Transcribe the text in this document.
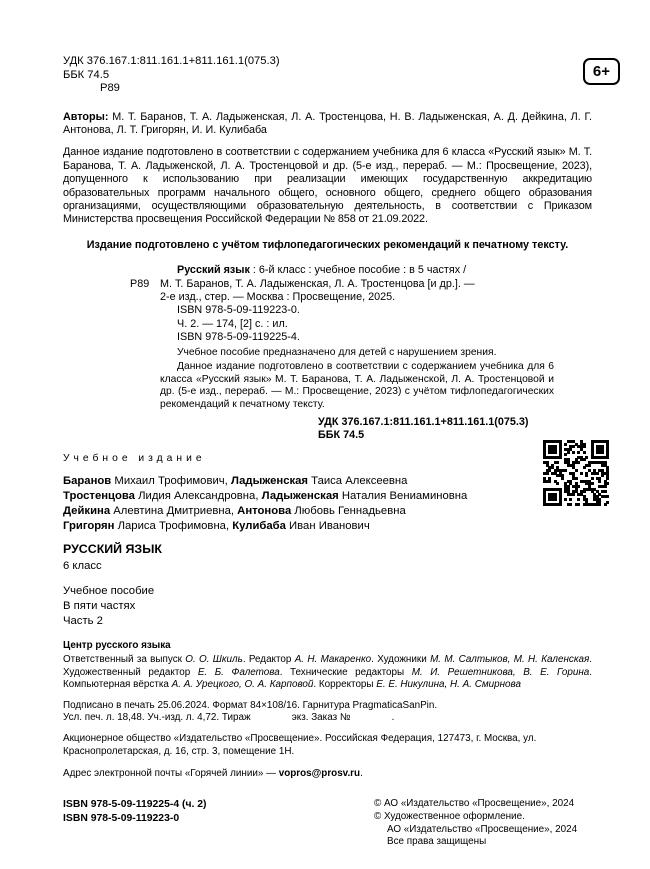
6+
УДК 376.167.1:811.161.1+811.161.1(075.3)
ББК 74.5
Р89

Авторы: М. Т. Баранов, Т. А. Ладыженская, Л. А. Тростенцова, Н. В. Ладыженская, А. Д. Дейкина, Л. Г. Антонова, Л. Т. Григорян, И. И. Кулибаба

Данное издание подготовлено в соответствии с содержанием учебника для 6 класса «Русский язык» М. Т. Баранова, Т. А. Ладыженской, Л. А. Тростенцовой и др. (5-е изд., перераб. — М.: Просвещение, 2023), допущенного к использованию при реализации имеющих государственную аккредитацию образовательных программ начального общего, основного общего, среднего общего образования организациями, осуществляющими образовательную деятельность, в соответствии с Приказом Министерства просвещения Российской Федерации № 858 от 21.09.2022.

Издание подготовлено с учётом тифлопедагогических рекомендаций к печатному тексту.

Русский язык : 6-й класс : учебное пособие : в 5 частях /
Р89 М. Т. Баранов, Т. А. Ладыженская, Л. А. Тростенцова [и др.]. —
2-е изд., стер. — Москва : Просвещение, 2025.
ISBN 978-5-09-119223-0.
Ч. 2. — 174, [2] с. : ил.
ISBN 978-5-09-119225-4.

Учебное пособие предназначено для детей с нарушением зрения.

Данное издание подготовлено в соответствии с содержанием учебника для 6 класса «Русский язык» М. Т. Баранова, Т. А. Ладыженской, Л. А. Тростенцовой и др. (5-е изд., перераб. — М.: Просвещение, 2023) с учётом тифлопедагогических рекомендаций к печатному тексту.

УДК 376.167.1:811.161.1+811.161.1(075.3)
ББК 74.5
Учебное издание
Баранов Михаил Трофимович, Ладыженская Таиса Алексеевна
Тростенцова Лидия Александровна, Ладыженская Наталия Вениаминовна
Дейкина Алевтина Дмитриевна, Антонова Любовь Геннадьевна
Григорян Лариса Трофимовна, Кулибаба Иван Иванович
РУССКИЙ ЯЗЫК
6 класс
Учебное пособие
В пяти частях
Часть 2
Центр русского языка
Ответственный за выпуск О. О. Шкиль. Редактор А. Н. Макаренко. Художники М. М. Салтыков, М. Н. Каленская. Художественный редактор Е. Б. Фалетова. Технические редакторы М. И. Решетникова, В. Е. Горина. Компьютерная вёрстка А. А. Урецкого, О. А. Карповой. Корректоры Е. Е. Никулина, Н. А. Смирнова
Подписано в печать 25.06.2024. Формат 84×108/16. Гарнитура PragmaticaSanPin.
Усл. печ. л. 18,48. Уч.-изд. л. 4,72. Тираж               экз. Заказ №               .
Акционерное общество «Издательство «Просвещение». Российская Федерация, 127473, г. Москва, ул. Краснопролетарская, д. 16, стр. 3, помещение 1Н.
Адрес электронной почты «Горячей линии» — vopros@prosv.ru.
ISBN 978-5-09-119225-4 (ч. 2)
ISBN 978-5-09-119223-0
© АО «Издательство «Просвещение», 2024
© Художественное оформление.
АО «Издательство «Просвещение», 2024
Все права защищены
